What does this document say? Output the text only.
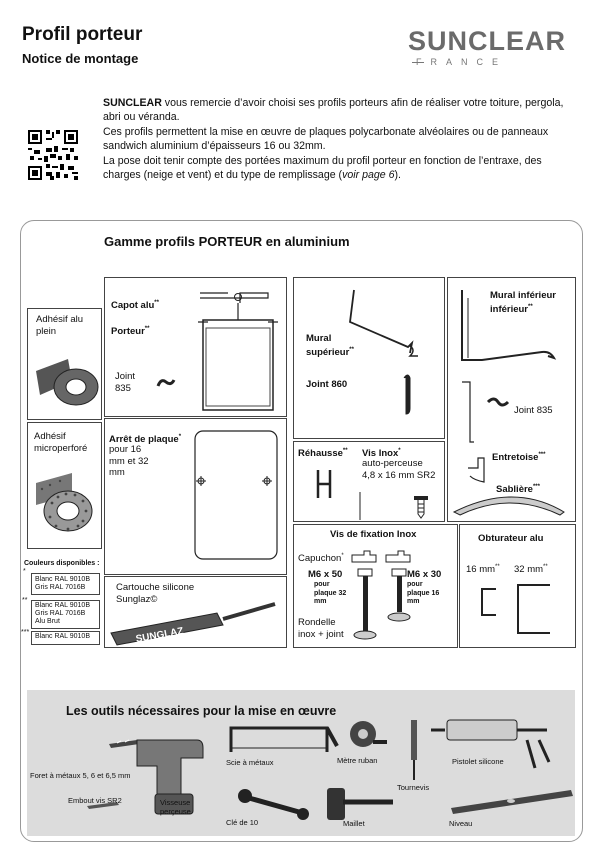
Profil porteur
Notice de montage
SUNCLEAR
FRANCE

SUNCLEAR vous remercie d’avoir choisi ses profils porteurs afin de réaliser votre toiture, pergola, abri ou véranda.

Ces profils permettent la mise en œuvre de plaques polycarbonate alvéolaires ou de panneaux sandwich aluminium d’épaisseurs 16 ou 32mm.

La pose doit tenir compte des portées maximum du profil porteur en fonction de l’entraxe, des charges (neige et vent) et du type de remplissage (voir page 6).

Gamme profils PORTEUR en aluminium
Adhésif alu plein
Adhésif microperforé
Couleurs disponibles :
*
Blanc RAL 9010B
Gris RAL 7016B
**
Blanc RAL 9010B
Gris RAL 7016B
Alu Brut
***
Blanc RAL 9010B
Capot alu**
Porteur**
Joint 835
Arrêt de plaque*
pour 16 mm et 32 mm
Cartouche silicone Sunglaz©
SUNGLAZ
Mural supérieur**
Joint 860
Mural inférieur
inférieur**
Joint 835
Entretoise***
Sablière***
Réhausse** Vis Inox*
auto-perceuse 4,8 x 16 mm SR2
Vis de fixation Inox
Capuchon*
M6 x 50
pour plaque 32 mm
M6 x 30
pour plaque 16 mm
Rondelle inox + joint
Obturateur alu
16 mm** 32 mm**
Les outils nécessaires pour la mise en œuvre
Foret à métaux 5, 6 et 6,5 mm
Embout vis SR2	Visseuse perçeuse
Scie à métaux
Clé de 10
Mètre ruban
Tournevis
Maillet
Pistolet silicone
Niveau
